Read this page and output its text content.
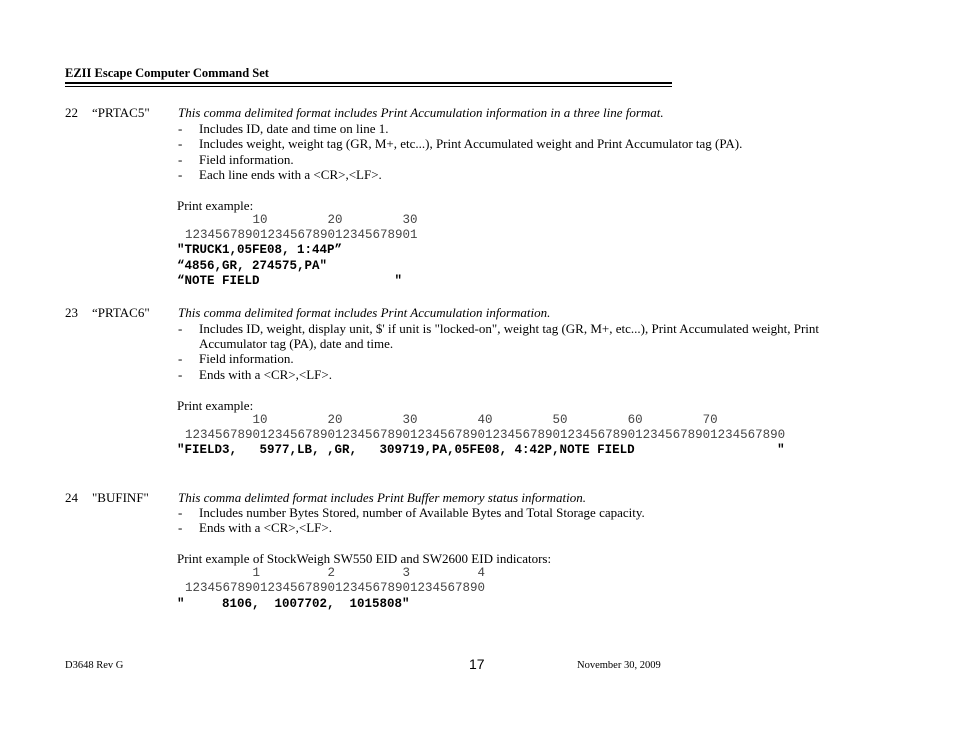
EZII Escape Computer Command Set
22 “PRTAC5" This comma delimited format includes Print Accumulation information in a three line format.
- Includes ID, date and time on line 1.
- Includes weight, weight tag (GR, M+, etc...), Print Accumulated weight and Print Accumulator tag (PA).
- Field information.
- Each line ends with a <CR>,<LF>.
Print example:
10        20        30
1234567890123456789012345678901
"TRUCK1,05FE08, 1:44P”
“4856,GR, 274575,PA"
“NOTE FIELD                  "
23 “PRTAC6" This comma delimited format includes Print Accumulation information.
- Includes ID, weight, display unit, $' if unit is "locked-on", weight tag (GR, M+, etc...), Print Accumulated weight, Print
Accumulator tag (PA), date and time.
- Field information.
- Ends with a <CR>,<LF>.
Print example:
10        20        30        40        50        60        70
12345678901234567890123456789012345678901234567890123456789012345678901234567890
"FIELD3,   5977,LB, ,GR,   309719,PA,05FE08, 4:42P,NOTE FIELD                   "
24 "BUFINF" This comma delimted format includes Print Buffer memory status information.
- Includes number Bytes Stored, number of Available Bytes and Total Storage capacity.
- Ends with a <CR>,<LF>.
Print example of StockWeigh SW550 EID and SW2600 EID indicators:
1         2         3         4
1234567890123456789012345678901234567890
"     8106,  1007702,  1015808"
D3648 Rev G	17	November 30, 2009
